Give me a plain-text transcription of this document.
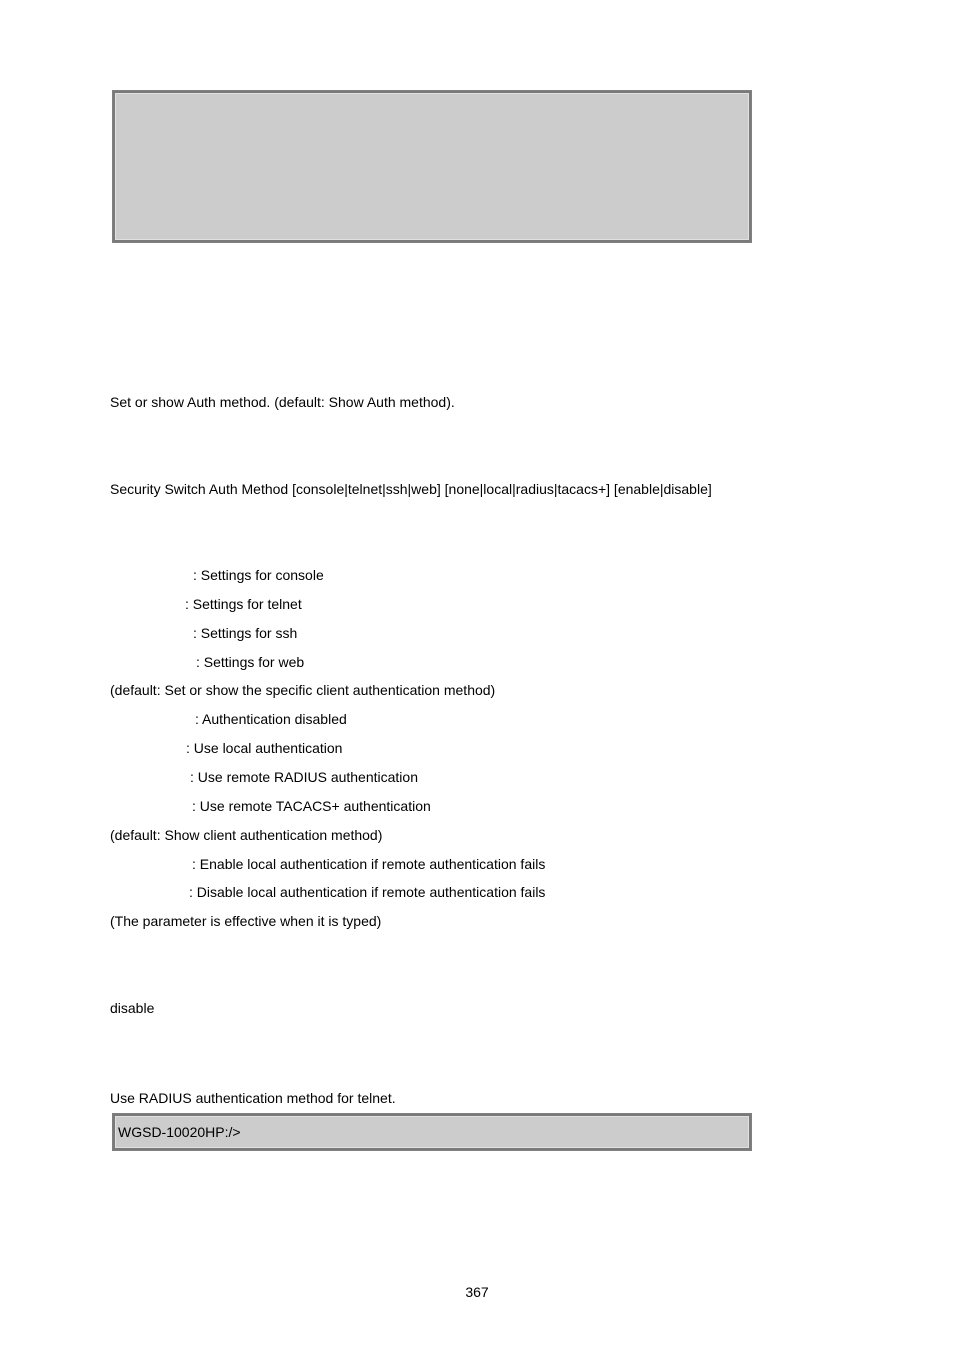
Set or show Auth method. (default: Show Auth method).
Security Switch Auth Method [console|telnet|ssh|web] [none|local|radius|tacacs+] [enable|disable]
: Settings for console
: Settings for telnet
: Settings for ssh
: Settings for web
(default: Set or show the specific client authentication method)
: Authentication disabled
: Use local authentication
: Use remote RADIUS authentication
: Use remote TACACS+ authentication
(default: Show client authentication method)
: Enable local authentication if remote authentication fails
: Disable local authentication if remote authentication fails
(The parameter is effective when it is typed)
disable
Use RADIUS authentication method for telnet.
WGSD-10020HP:/>
367
